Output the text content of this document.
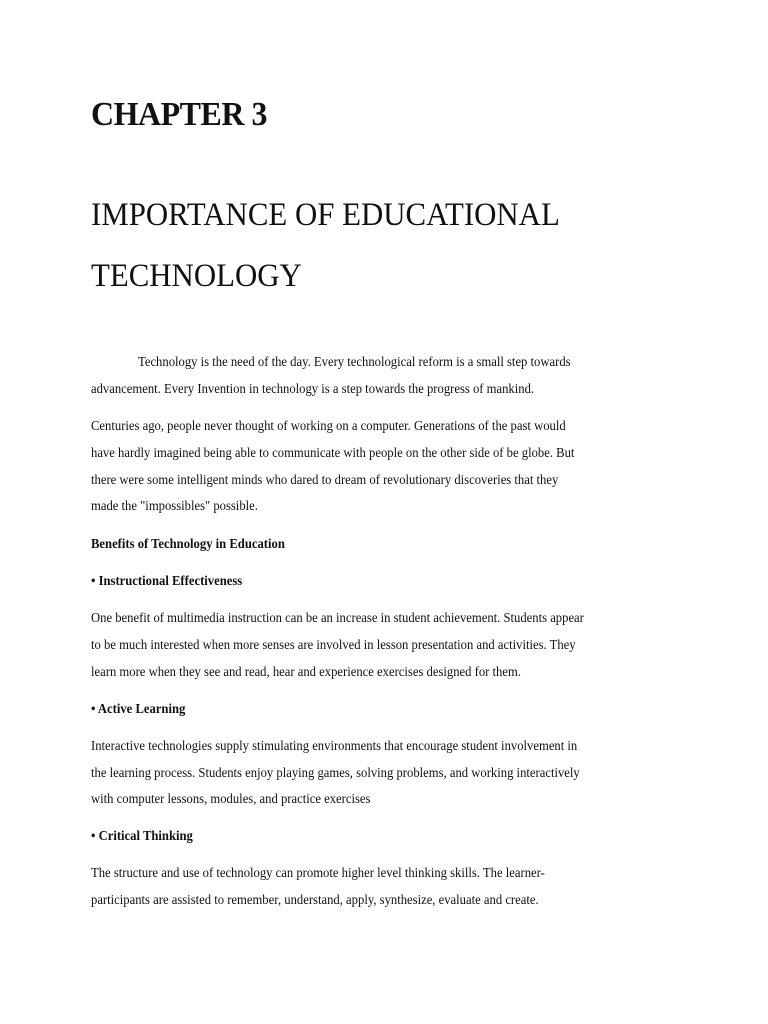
CHAPTER 3
IMPORTANCE OF EDUCATIONAL
TECHNOLOGY
Technology is the need of the day. Every technological reform is a small step towards
advancement. Every Invention in technology is a step towards the progress of mankind.
Centuries ago, people never thought of working on a computer. Generations of the past would
have hardly imagined being able to communicate with people on the other side of be globe. But
there were some intelligent minds who dared to dream of revolutionary discoveries that they
made the "impossibles" possible.
Benefits of Technology in Education
• Instructional Effectiveness
One benefit of multimedia instruction can be an increase in student achievement. Students appear
to be much interested when more senses are involved in lesson presentation and activities. They
learn more when they see and read, hear and experience exercises designed for them.
• Active Learning
Interactive technologies supply stimulating environments that encourage student involvement in
the learning process. Students enjoy playing games, solving problems, and working interactively
with computer lessons, modules, and practice exercises
• Critical Thinking
The structure and use of technology can promote higher level thinking skills. The learner-
participants are assisted to remember, understand, apply, synthesize, evaluate and create.
